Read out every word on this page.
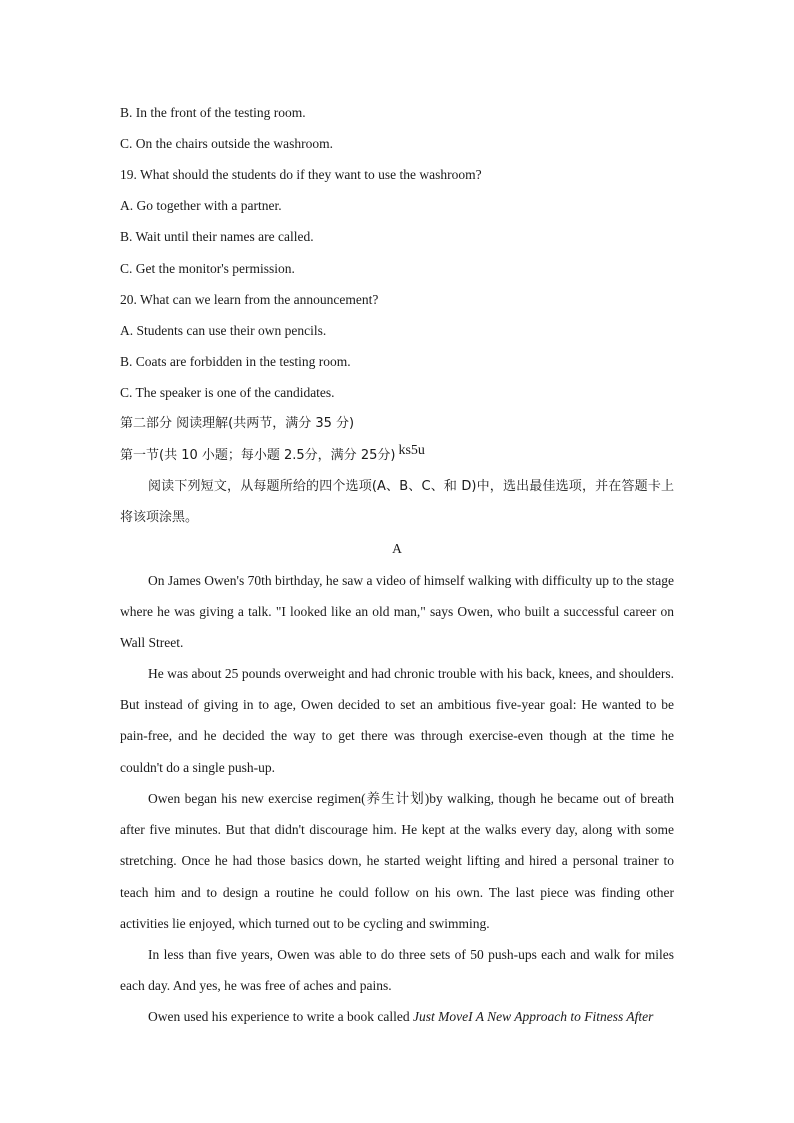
B. In the front of the testing room.
C. On the chairs outside the washroom.
19. What should the students do if they want to use the washroom?
A. Go together with a partner.
B. Wait until their names are called.
C. Get the monitor's permission.
20. What can we learn from the announcement?
A. Students can use their own pencils.
B. Coats are forbidden in the testing room.
C. The speaker is one of the candidates.
第二部分 阅读理解(共两节，满分 35 分)
第一节(共 10 小题；每小题 2.5分，满分 25分) ks5u
阅读下列短文，从每题所给的四个选项(A、B、C、和 D)中，选出最佳选项，并在答题卡上将该项涂黑。
A
On James Owen's 70th birthday, he saw a video of himself walking with difficulty up to the stage where he was giving a talk. "I looked like an old man," says Owen, who built a successful career on Wall Street.
He was about 25 pounds overweight and had chronic trouble with his back, knees, and shoulders. But instead of giving in to age, Owen decided to set an ambitious five-year goal: He wanted to be pain-free, and he decided the way to get there was through exercise-even though at the time he couldn't do a single push-up.
Owen began his new exercise regimen(养生计划)by walking, though he became out of breath after five minutes. But that didn't discourage him. He kept at the walks every day, along with some stretching. Once he had those basics down, he started weight lifting and hired a personal trainer to teach him and to design a routine he could follow on his own. The last piece was finding other activities lie enjoyed, which turned out to be cycling and swimming.
In less than five years, Owen was able to do three sets of 50 push-ups each and walk for miles each day. And yes, he was free of aches and pains.
Owen used his experience to write a book called Just MoveI A New Approach to Fitness After
